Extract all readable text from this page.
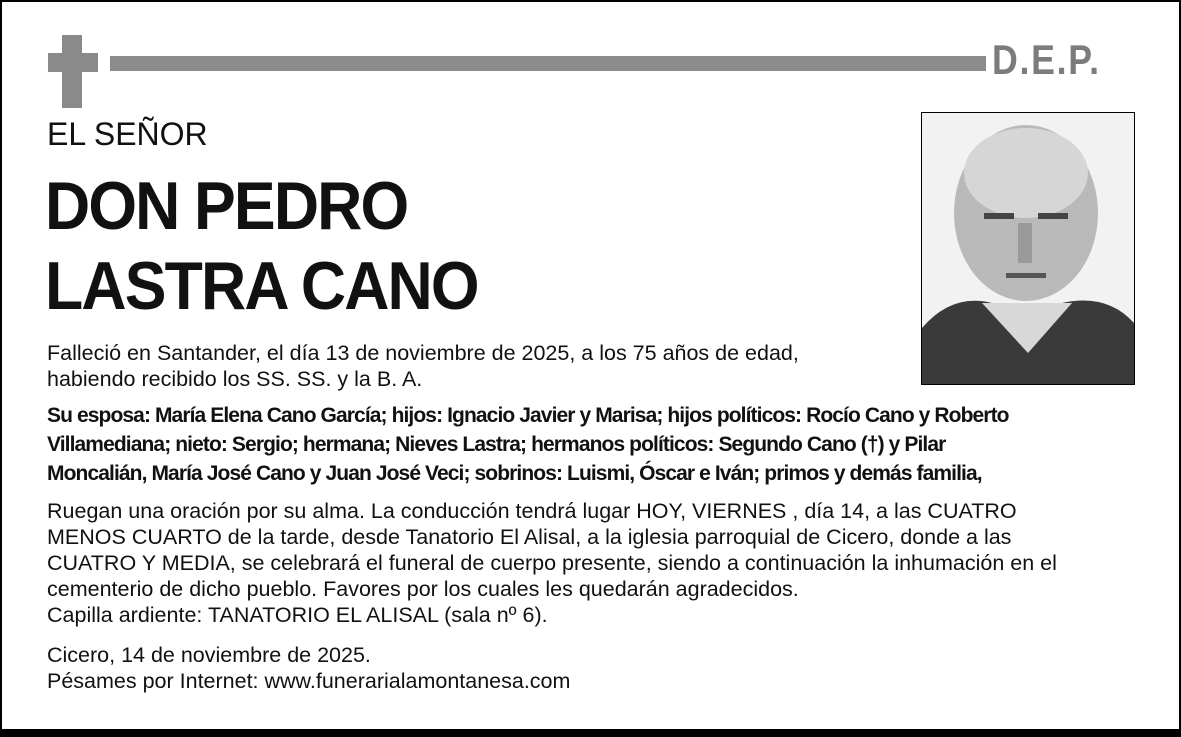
D.E.P.
EL SEÑOR
DON PEDRO
LASTRA CANO
Falleció en Santander, el día 13 de noviembre de 2025, a los 75 años de edad,
habiendo recibido los SS. SS. y la B. A.
Su esposa: María Elena Cano García; hijos: Ignacio Javier y Marisa; hijos políticos: Rocío Cano y Roberto
Villamediana; nieto: Sergio; hermana; Nieves Lastra; hermanos políticos: Segundo Cano (†) y Pilar
Moncalián, María José Cano y Juan José Veci; sobrinos: Luismi, Óscar e Iván; primos y demás familia,
Ruegan una oración por su alma. La conducción tendrá lugar HOY, VIERNES , día 14, a las CUATRO
MENOS CUARTO de la tarde, desde Tanatorio El Alisal, a la iglesia parroquial de Cicero, donde a las
CUATRO Y MEDIA, se celebrará el funeral de cuerpo presente, siendo a continuación la inhumación en el
cementerio de dicho pueblo. Favores por los cuales les quedarán agradecidos.
Capilla ardiente: TANATORIO EL ALISAL (sala nº 6).
Cicero, 14 de noviembre de 2025.
Pésames por Internet: www.funerarialamontanesa.com
